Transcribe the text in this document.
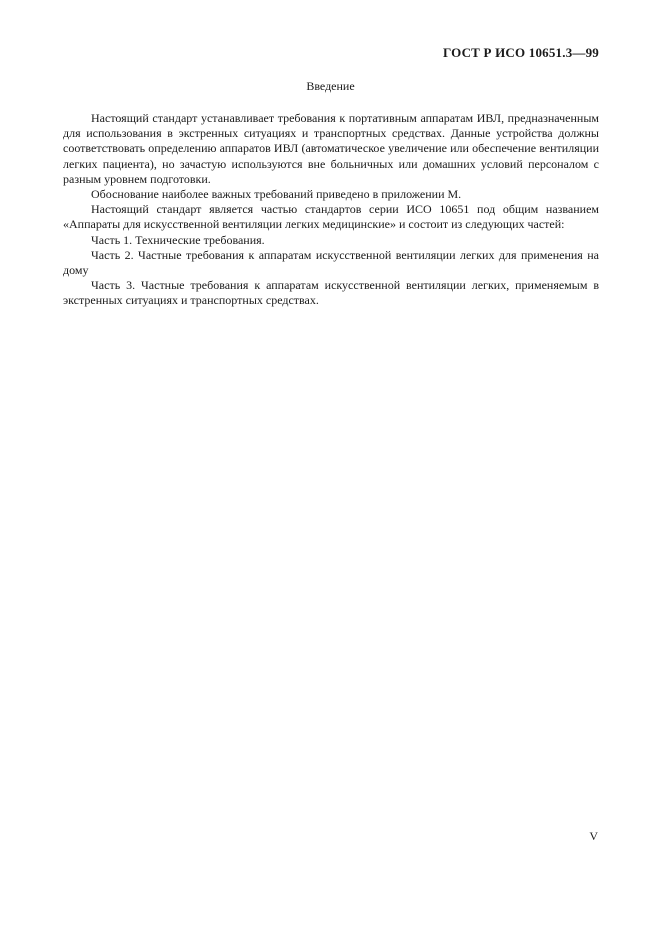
ГОСТ Р ИСО 10651.3—99
Введение

Настоящий стандарт устанавливает требования к портативным аппаратам ИВЛ, предназначенным для использования в экстренных ситуациях и транспортных средствах. Данные устройства должны соответствовать определению аппаратов ИВЛ (автоматическое увеличение или обеспечение вентиляции легких пациента), но зачастую используются вне больничных или домашних условий персоналом с разным уровнем подготовки.

Обоснование наиболее важных требований приведено в приложении М.

Настоящий стандарт является частью стандартов серии ИСО 10651 под общим названием «Аппараты для искусственной вентиляции легких медицинские» и состоит из следующих частей:

Часть 1. Технические требования.

Часть 2. Частные требования к аппаратам искусственной вентиляции легких для применения на дому

Часть 3. Частные требования к аппаратам искусственной вентиляции легких, применяемым в экстренных ситуациях и транспортных средствах.

V
